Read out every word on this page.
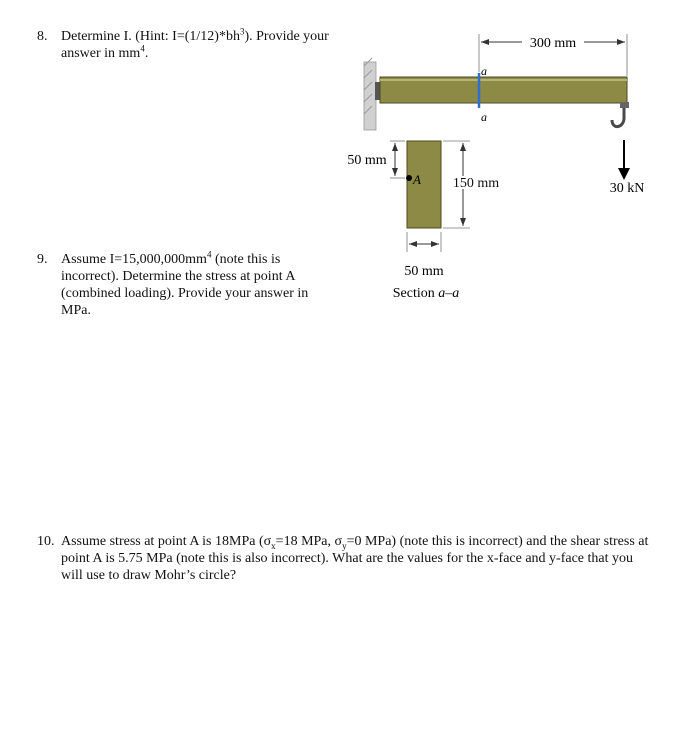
8. Determine I. (Hint: $I=(1/12)*bh^3$). Provide your answer in $mm^4$.
9. Assume $I=15,000,000mm^4$ (note this is incorrect). Determine the stress at point A (combined loading). Provide your answer in MPa.
10. Assume stress at point A is 18MPa ($\sigma_x=18$ MPa, $\sigma_y=0$ MPa) (note this is incorrect) and the shear stress at point A is 5.75 MPa (note this is also incorrect). What are the values for the x-face and y-face that you will use to draw Mohr’s circle?
a
a
300 mm
30 kN
A
50 mm
150 mm
50 mm
Section a–a
